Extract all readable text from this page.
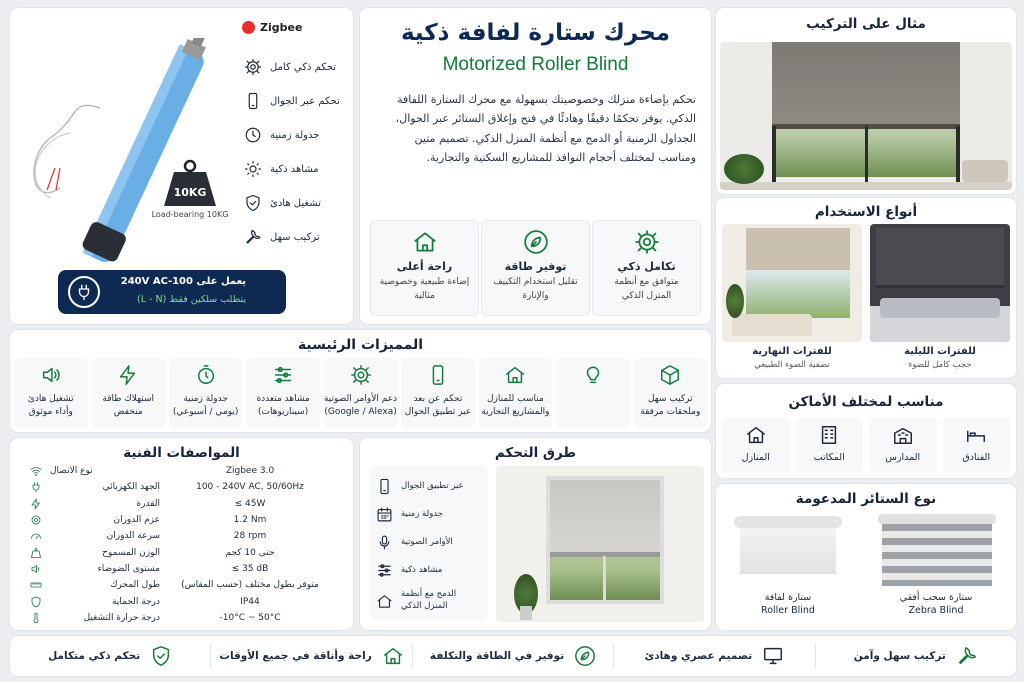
Zigbee
تحكم ذكي كامل
تحكم عبر الجوال
جدولة زمنية
مشاهد ذكية
تشغيل هادئ
تركيب سهل
10KG
Load-bearing 10KG
يعمل على 100-240V AC
يتطلب سلكين فقط (L - N)
محرك ستارة لفافة ذكية
Motorized Roller Blind
تحكم بإضاءة منزلك وخصوصيتك بسهولة مع محرك الستارة اللفافة الذكي. يوفر تحكمًا دقيقًا وهادئًا في فتح وإغلاق الستائر عبر الجوال، الجداول الزمنية أو الدمج مع أنظمة المنزل الذكي. تصميم متين ومناسب لمختلف أحجام النوافذ للمشاريع السكنية والتجارية.
تكامل ذكي
متوافق مع أنظمة المنزل الذكي
توفير طاقة
تقليل استخدام التكييف والإنارة
راحة أعلى
إضاءة طبيعية وخصوصية مثالية
مثال على التركيب
أنواع الاستخدام
للفترات الليلية
حجب كامل للضوء
للفترات النهارية
تصفية الضوء الطبيعي
المميزات الرئيسية
تركيب سهل
وملحقات مرفقة
مناسب للمنازل
والمشاريع التجارية
تحكم عن بعد
عبر تطبيق الجوال
دعم الأوامر الصوتية
(Google / Alexa)
مشاهد متعددة
(سيناريوهات)
جدولة زمنية
(يومي / أسبوعي)
استهلاك طاقة
منخفض
تشغيل هادئ
وأداء موثوق
مناسب لمختلف الأماكن
الفنادق
المدارس
المكاتب
المنازل
المواصفات الفنية
نوع الاتصال	Zigbee 3.0
الجهد الكهربائي	100 - 240V AC, 50/60Hz
القدرة	≤ 45W
عزم الدوران	1.2 Nm
سرعة الدوران	28 rpm
الوزن المسموح	حتى 10 كجم
مستوى الضوضاء	≤ 35 dB
طول المحرك	متوفر بطول مختلف (حسب المقاس)
درجة الحماية	IP44
درجة حرارة التشغيل	-10°C ~ 50°C
طرق التحكم
عبر تطبيق الجوال
جدولة زمنية
الأوامر الصوتية
مشاهد ذكية
الدمج مع أنظمة
المنزل الذكي
نوع الستائر المدعومة
ستارة سحب أفقي
Zebra Blind
ستارة لفافة
Roller Blind
تركيب سهل وآمن
تصميم عصري وهادئ
توفير في الطاقة والتكلفة
راحة وأناقة في جميع الأوقات
تحكم ذكي متكامل
